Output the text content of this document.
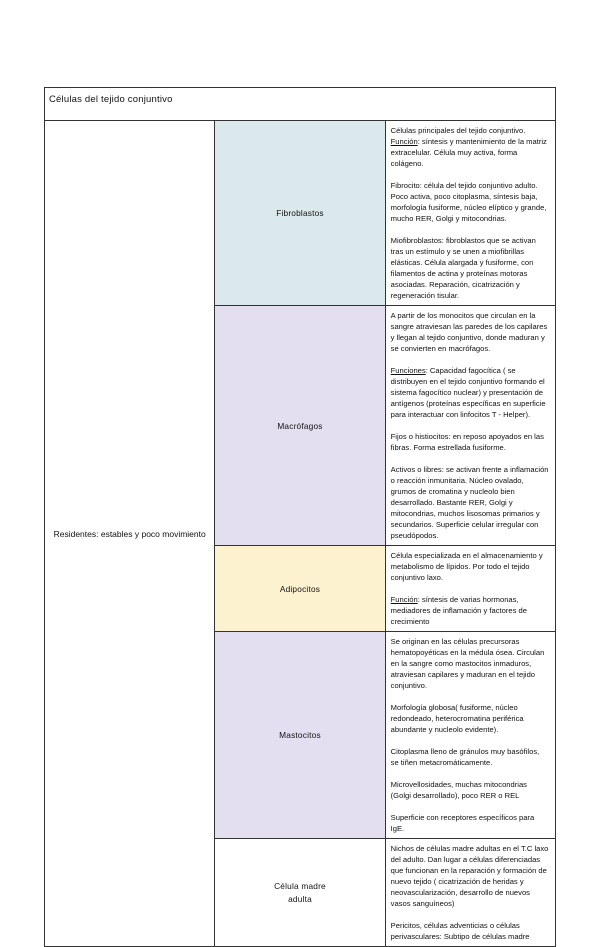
Células del tejido conjuntivo		
Residentes: estables y poco movimiento	Fibroblastos	Células principales del tejido conjuntivo.

Función: síntesis y mantenimiento de la matriz extracelular. Célula muy activa, forma colágeno.

Fibrocito: célula del tejido conjuntivo adulto. Poco activa, poco citoplasma, síntesis baja, morfología fusiforme, núcleo elíptico y grande, mucho RER, Golgi y mitocondrias.

Miofibroblastos: fibroblastos que se activan tras un estímulo y se unen a miofibrillas elásticas. Célula alargada y fusiforme, con filamentos de actina y proteínas motoras asociadas. Reparación, cicatrización y regeneración tisular.

	Macrófagos	A partir de los monocitos que circulan en la sangre atraviesan las paredes de los capilares y llegan al tejido conjuntivo, donde maduran y se convierten en macrófagos.

Funciones: Capacidad fagocítica ( se distribuyen en el tejido conjuntivo formando el sistema fagocítico nuclear) y presentación de antígenos (proteínas específicas en superficie para interactuar con linfocitos T - Helper).

Fijos o histiocitos: en reposo apoyados en las fibras. Forma estrellada fusiforme.

Activos o libres: se activan frente a inflamación o reacción inmunitaria. Núcleo ovalado, grumos de cromatina y nucleolo bien desarrollado. Bastante RER, Golgi y mitocondrias, muchos lisosomas primarios y secundarios. Superficie celular irregular con pseudópodos.

	Adipocitos	Célula especializada en el almacenamiento y metabolismo de lípidos. Por todo el tejido conjuntivo laxo.

Función: síntesis de varias hormonas, mediadores de inflamación y factores de crecimiento

	Mastocitos	Se originan en las células precursoras hematopoyéticas en la médula ósea. Circulan en la sangre como mastocitos inmaduros, atraviesan capilares y maduran en el tejido conjuntivo.

Morfología globosa( fusiforme, núcleo redondeado, heterocromatina periférica abundante y nucleolo evidente).

Citoplasma lleno de gránulos muy basófilos, se tiñen metacromáticamente.

Microvellosidades, muchas mitocondrias (Golgi desarrollado), poco RER o REL

Superficie con receptores específicos para IgE.

	Célula madre adulta	Nichos de células madre adultas en el T.C laxo del adulto. Dan lugar a células diferenciadas que funcionan en la reparación y formación de nuevo tejido ( cicatrización de heridas y neovascularización, desarrollo de nuevos vasos sanguíneos)

Pericitos, células adventicias o células perivasculares: Subtipo de células madre
